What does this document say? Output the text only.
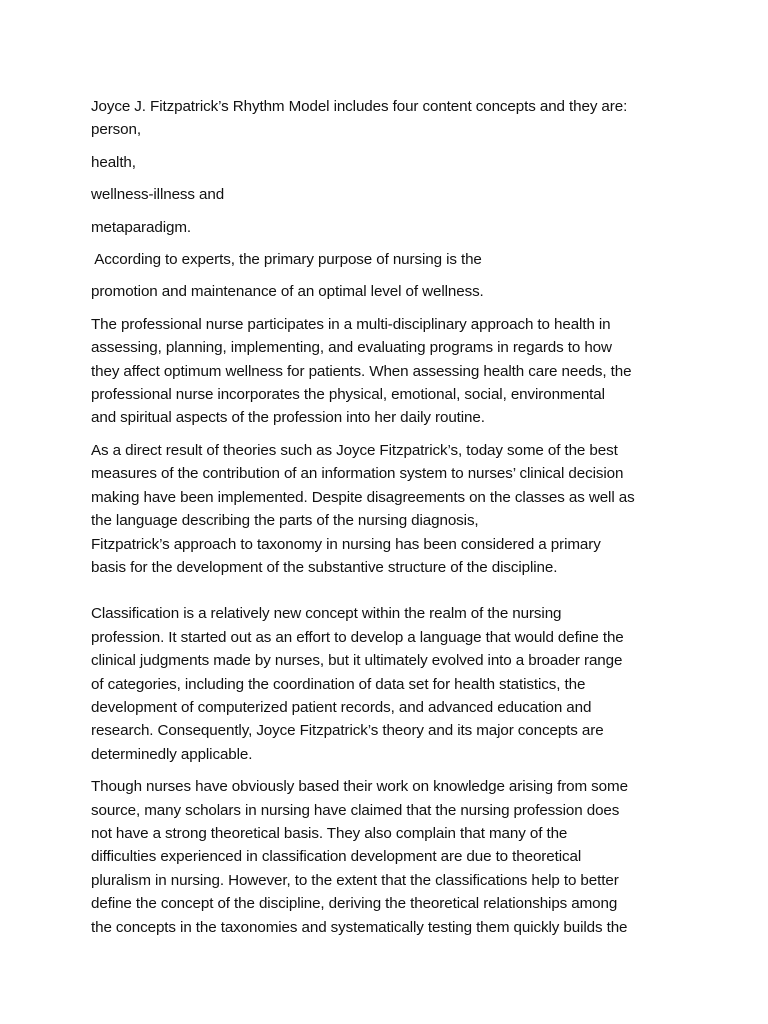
Joyce J. Fitzpatrick’s Rhythm Model includes four content concepts and they are:
person,
health,
wellness-illness and
metaparadigm.
According to experts, the primary purpose of nursing is the
promotion and maintenance of an optimal level of wellness.
The professional nurse participates in a multi-disciplinary approach to health in
assessing, planning, implementing, and evaluating programs in regards to how
they affect optimum wellness for patients. When assessing health care needs, the
professional nurse incorporates the physical, emotional, social, environmental
and spiritual aspects of the profession into her daily routine.
As a direct result of theories such as Joyce Fitzpatrick’s, today some of the best
measures of the contribution of an information system to nurses’ clinical decision
making have been implemented. Despite disagreements on the classes as well as
the language describing the parts of the nursing diagnosis,
Fitzpatrick’s approach to taxonomy in nursing has been considered a primary
basis for the development of the substantive structure of the discipline.
Classification is a relatively new concept within the realm of the nursing
profession. It started out as an effort to develop a language that would define the
clinical judgments made by nurses, but it ultimately evolved into a broader range
of categories, including the coordination of data set for health statistics, the
development of computerized patient records, and advanced education and
research. Consequently, Joyce Fitzpatrick’s theory and its major concepts are
determinedly applicable.
Though nurses have obviously based their work on knowledge arising from some
source, many scholars in nursing have claimed that the nursing profession does
not have a strong theoretical basis. They also complain that many of the
difficulties experienced in classification development are due to theoretical
pluralism in nursing. However, to the extent that the classifications help to better
define the concept of the discipline, deriving the theoretical relationships among
the concepts in the taxonomies and systematically testing them quickly builds the
